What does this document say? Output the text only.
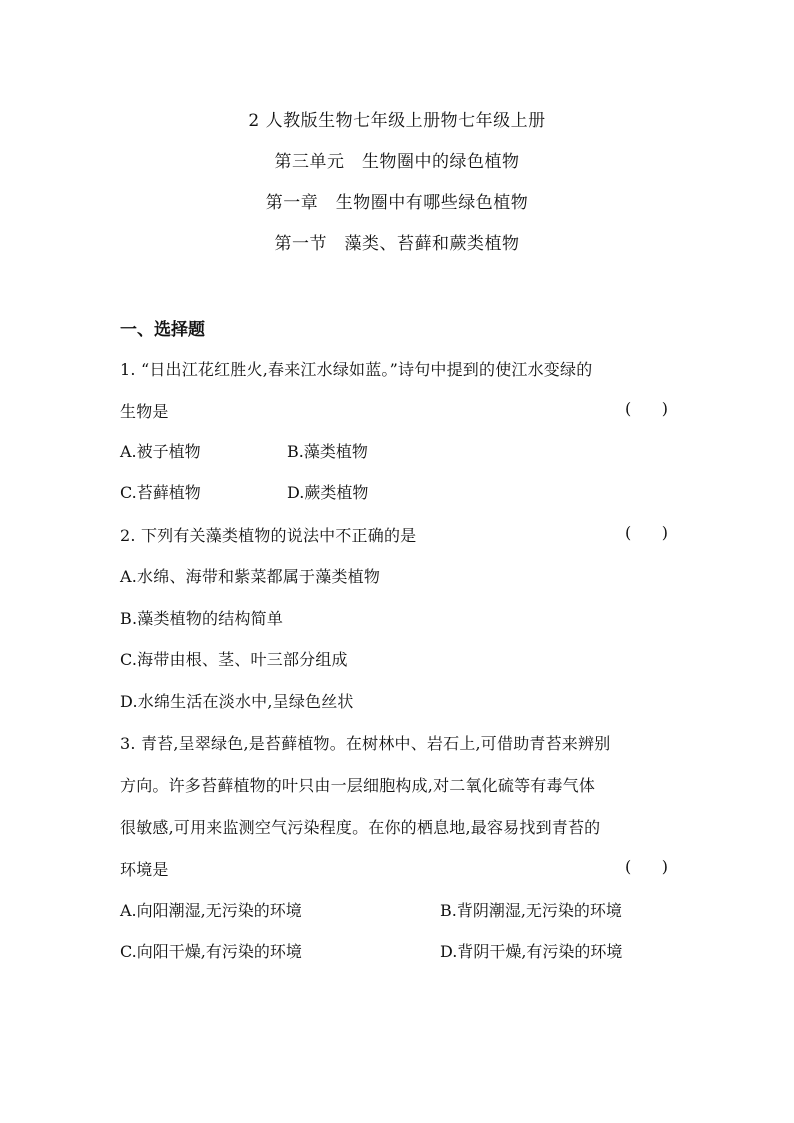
2 人教版生物七年级上册物七年级上册
第三单元　生物圈中的绿色植物
第一章　生物圈中有哪些绿色植物
第一节　藻类、苔藓和蕨类植物
一、选择题
1. “日出江花红胜火,春来江水绿如蓝。”诗句中提到的使江水变绿的
生物是	(      )
A.被子植物	B.藻类植物
C.苔藓植物	D.蕨类植物
2. 下列有关藻类植物的说法中不正确的是	(      )
A.水绵、海带和紫菜都属于藻类植物
B.藻类植物的结构简单
C.海带由根、茎、叶三部分组成
D.水绵生活在淡水中,呈绿色丝状
3. 青苔,呈翠绿色,是苔藓植物。在树林中、岩石上,可借助青苔来辨别
方向。许多苔藓植物的叶只由一层细胞构成,对二氧化硫等有毒气体
很敏感,可用来监测空气污染程度。在你的栖息地,最容易找到青苔的
环境是	(      )
A.向阳潮湿,无污染的环境	B.背阴潮湿,无污染的环境
C.向阳干燥,有污染的环境	D.背阴干燥,有污染的环境
